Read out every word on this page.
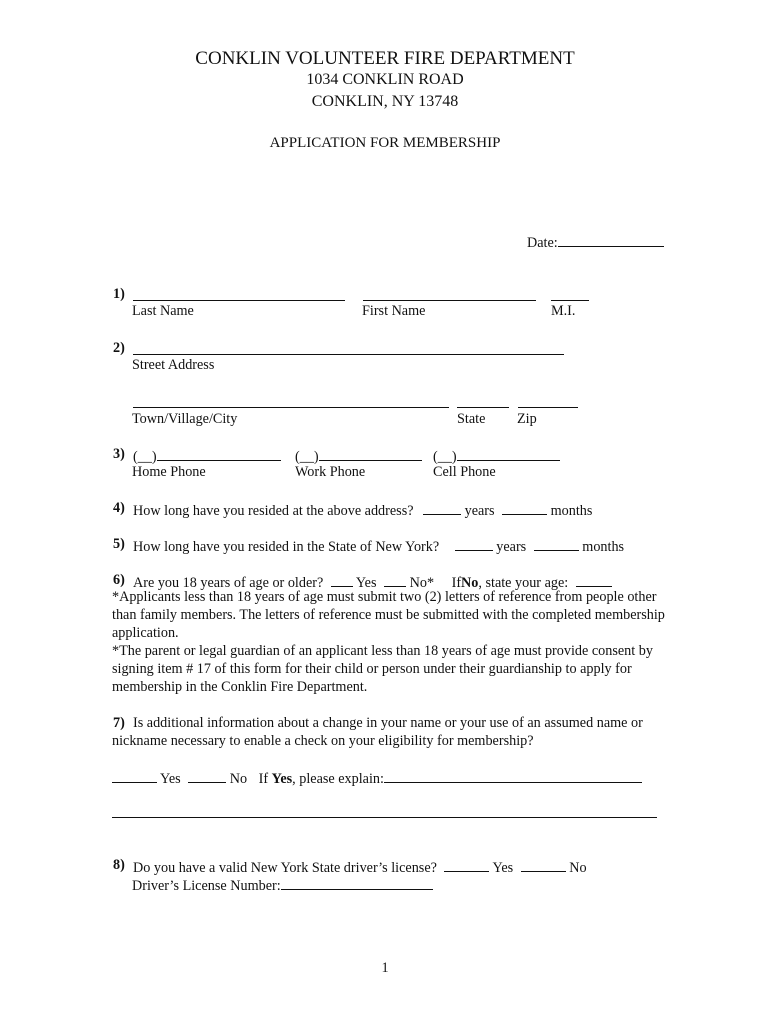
CONKLIN VOLUNTEER FIRE DEPARTMENT
1034 CONKLIN ROAD
CONKLIN, NY 13748
APPLICATION FOR MEMBERSHIP
Date:
1)
Last Name	First Name	M.I.
2)
Street Address
Town/Village/City	State Zip
3) (__)	(__)	(__)
Home Phone	Work Phone	Cell Phone
4) How long have you resided at the above address?	years	months
5) How long have you resided in the State of New York?	years	months
6) Are you 18 years of age or older? Yes No* IfNo, state your age:
*Applicants less than 18 years of age must submit two (2) letters of reference from people other
than family members. The letters of reference must be submitted with the completed membership
application.
*The parent or legal guardian of an applicant less than 18 years of age must provide consent by
signing item # 17 of this form for their child or person under their guardianship to apply for
membership in the Conklin Fire Department.
7) Is additional information about a change in your name or your use of an assumed name or
nickname necessary to enable a check on your eligibility for membership?
Yes	No If Yes, please explain:
8) Do you have a valid New York State driver’s license?	Yes	No
Driver’s License Number:
1
